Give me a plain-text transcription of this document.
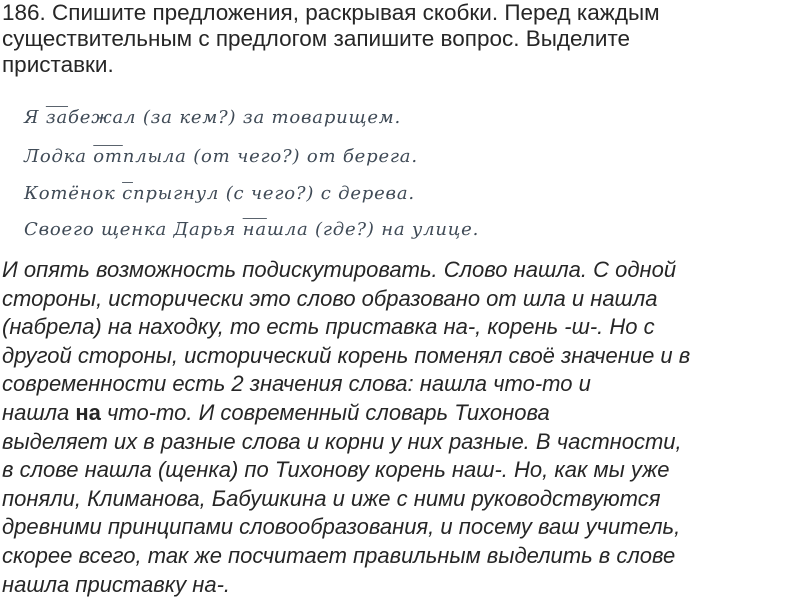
186. Спишите предложения, раскрывая скобки. Перед каждым
существительным с предлогом запишите вопрос. Выделите
приставки.
Я забежал (за кем?) за товарищем.
Лодка отплыла (от чего?) от берега.
Котёнок спрыгнул (с чего?) с дерева.
Своего щенка Дарья нашла (где?) на улице.
И опять возможность подискутировать. Слово нашла. С одной
стороны, исторически это слово образовано от шла и нашла
(набрела) на находку, то есть приставка на-, корень -ш-. Но с
другой стороны, исторический корень поменял своё значение и в
современности есть 2 значения слова: нашла что-то и
нашла на что-то. И современный словарь Тихонова
выделяет их в разные слова и корни у них разные. В частности,
в слове нашла (щенка) по Тихонову корень наш-. Но, как мы уже
поняли, Климанова, Бабушкина и иже с ними руководствуются
древними принципами словообразования, и посему ваш учитель,
скорее всего, так же посчитает правильным выделить в слове
нашла приставку на-.
